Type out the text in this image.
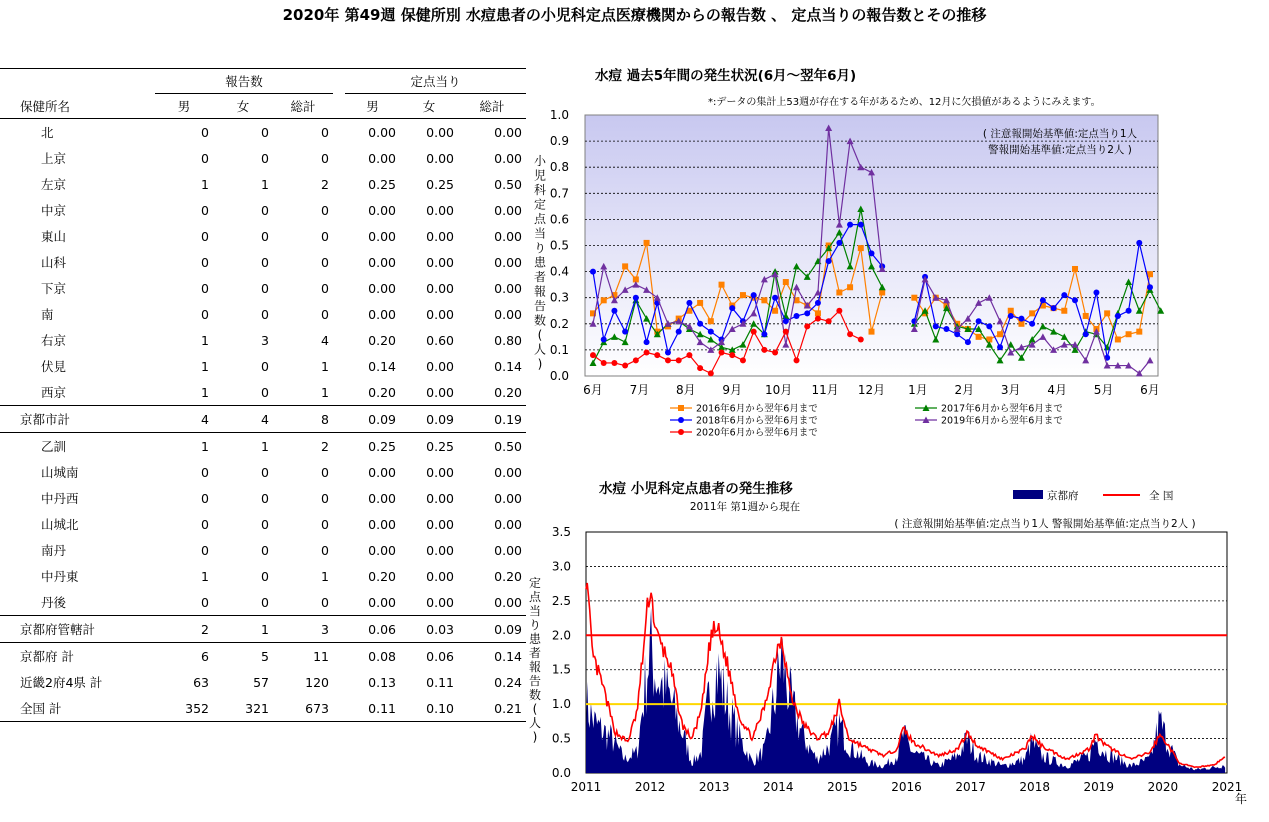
2020年 第49週 保健所別 水痘患者の小児科定点医療機関からの報告数 、 定点当りの報告数とその推移
	報告数				定点当り		
保健所名	男	女	総計		男	女	総計
北	0	0	0		0.00	0.00	0.00
上京	0	0	0		0.00	0.00	0.00
左京	1	1	2		0.25	0.25	0.50
中京	0	0	0		0.00	0.00	0.00
東山	0	0	0		0.00	0.00	0.00
山科	0	0	0		0.00	0.00	0.00
下京	0	0	0		0.00	0.00	0.00
南	0	0	0		0.00	0.00	0.00
右京	1	3	4		0.20	0.60	0.80
伏見	1	0	1		0.14	0.00	0.14
西京	1	0	1		0.20	0.00	0.20
京都市計	4	4	8		0.09	0.09	0.19
乙訓	1	1	2		0.25	0.25	0.50
山城南	0	0	0		0.00	0.00	0.00
中丹西	0	0	0		0.00	0.00	0.00
山城北	0	0	0		0.00	0.00	0.00
南丹	0	0	0		0.00	0.00	0.00
中丹東	1	0	1		0.20	0.00	0.20
丹後	0	0	0		0.00	0.00	0.00
京都府管轄計	2	1	3		0.06	0.03	0.09
京都府 計	6	5	11		0.08	0.06	0.14
近畿2府4県 計	63	57	120		0.13	0.11	0.24
全国 計	352	321	673		0.11	0.10	0.21
水痘 過去5年間の発生状況(6月～翌年6月)
*:データの集計上53週が存在する年があるため、12月に欠損値があるようにみえます。
( 注意報開始基準値:定点当り1人
警報開始基準値:定点当り2人 )
0.0
0.1
0.2
0.3
0.4
0.5
0.6
0.7
0.8
0.9
1.0
小
児
科
定
点
当
り
患
者
報
告
数
(
人
)
6月 7月 8月 9月 10月 11月 12月 1月 2月 3月 4月 5月 6月
2016年6月から翌年6月まで	2017年6月から翌年6月まで
2018年6月から翌年6月まで	2019年6月から翌年6月まで
2020年6月から翌年6月まで
水痘 小児科定点患者の発生推移
2011年 第1週から現在
( 注意報開始基準値:定点当り1人 警報開始基準値:定点当り2人 )
京都府	全 国
0.0
0.5
1.0
1.5
2.0
2.5
3.0
3.5
定
点
当
り
患
者
報
告
数
(
人
)
2011	2012	2013	2014	2015	2016	2017	2018	2019	2020	2021
年
